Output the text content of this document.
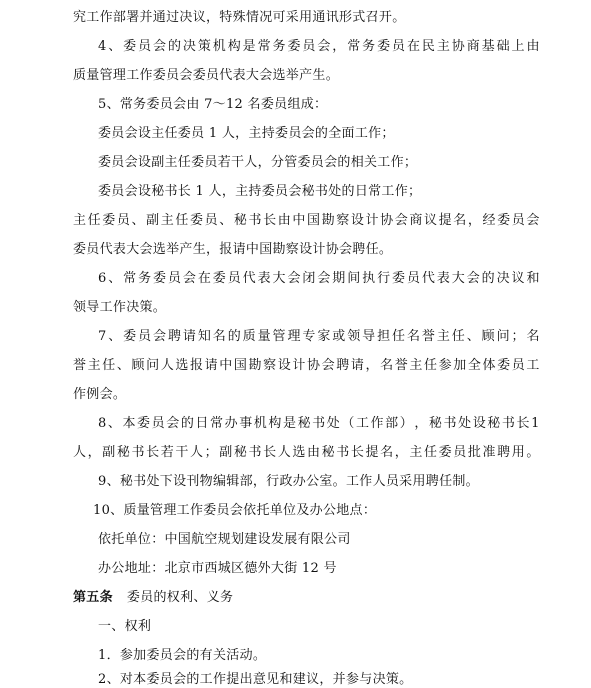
究工作部署并通过决议，特殊情况可采用通讯形式召开。
4 、 委 员 会 的 决 策 机 构 是 常 务 委 员 会 ， 常 务 委 员 在 民 主 协 商 基 础 上 由
质量管理工作委员会委员代表大会选举产生。
5、常务委员会由 7～12 名委员组成：
委员会设主任委员 1 人，主持委员会的全面工作；
委员会设副主任委员若干人，分管委员会的相关工作；
委员会设秘书长 1 人，主持委员会秘书处的日常工作；
主 任 委 员 、 副 主 任 委 员 、 秘 书 长 由 中 国 勘 察 设 计 协 会 商 议 提 名 ， 经 委 员 会
委员代表大会选举产生，报请中国勘察设计协会聘任。
6 、 常 务 委 员 会 在 委 员 代 表 大 会 闭 会 期 间 执 行 委 员 代 表 大 会 的 决 议 和
领导工作决策。
7 、 委 员 会 聘 请 知 名 的 质 量 管 理 专 家 或 领 导 担 任 名 誉 主 任 、 顾 问 ； 名
誉 主 任 、 顾 问 人 选 报 请 中 国 勘 察 设 计 协 会 聘 请 ， 名 誉 主 任 参 加 全 体 委 员 工
作例会。
8 、 本 委 员 会 的 日 常 办 事 机 构 是 秘 书 处 （ 工 作 部 ） ， 秘 书 处 设 秘 书 长 1
人 ， 副 秘 书 长 若 干 人 ； 副 秘 书 长 人 选 由 秘 书 长 提 名 ， 主 任 委 员 批 准 聘 用 。
9、秘书处下设刊物编辑部，行政办公室。工作人员采用聘任制。
10、质量管理工作委员会依托单位及办公地点：
依托单位：中国航空规划建设发展有限公司
办公地址：北京市西城区德外大街 12 号
第五条 委员的权利、义务
一、权利
1．参加委员会的有关活动。
2、对本委员会的工作提出意见和建议，并参与决策。
